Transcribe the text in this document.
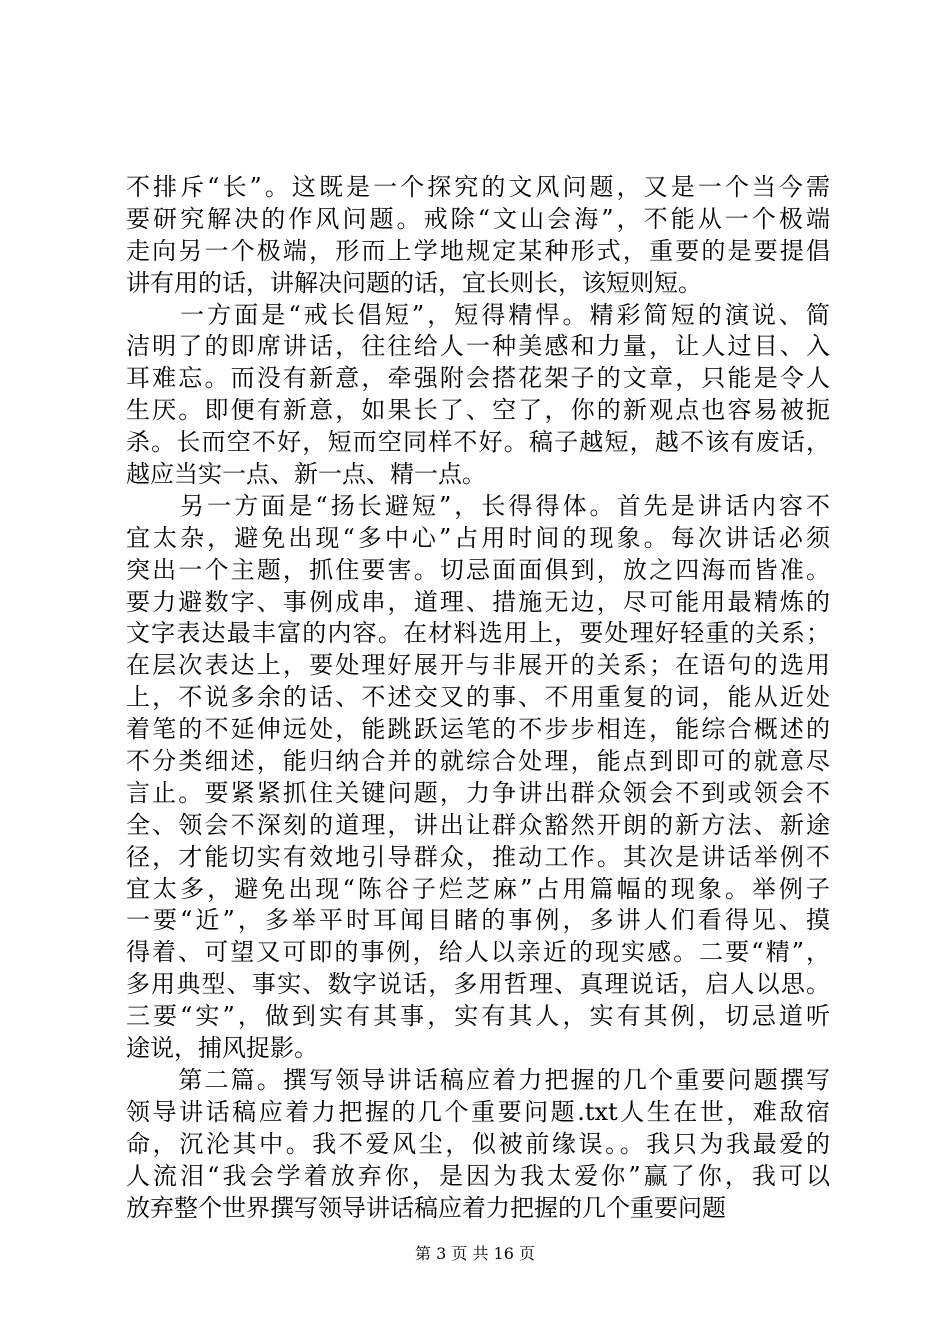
不排斥“长”。这既是一个探究的文风问题，又是一个当今需
要研究解决的作风问题。戒除“文山会海”，不能从一个极端
走向另一个极端，形而上学地规定某种形式，重要的是要提倡
讲有用的话，讲解决问题的话，宜长则长，该短则短。
　　一方面是“戒长倡短”，短得精悍。精彩简短的演说、简
洁明了的即席讲话，往往给人一种美感和力量，让人过目、入
耳难忘。而没有新意，牵强附会搭花架子的文章，只能是令人
生厌。即便有新意，如果长了、空了，你的新观点也容易被扼
杀。长而空不好，短而空同样不好。稿子越短，越不该有废话，
越应当实一点、新一点、精一点。
　　另一方面是“扬长避短”，长得得体。首先是讲话内容不
宜太杂，避免出现“多中心”占用时间的现象。每次讲话必须
突出一个主题，抓住要害。切忌面面俱到，放之四海而皆准。
要力避数字、事例成串，道理、措施无边，尽可能用最精炼的
文字表达最丰富的内容。在材料选用上，要处理好轻重的关系；
在层次表达上，要处理好展开与非展开的关系；在语句的选用
上，不说多余的话、不述交叉的事、不用重复的词，能从近处
着笔的不延伸远处，能跳跃运笔的不步步相连，能综合概述的
不分类细述，能归纳合并的就综合处理，能点到即可的就意尽
言止。要紧紧抓住关键问题，力争讲出群众领会不到或领会不
全、领会不深刻的道理，讲出让群众豁然开朗的新方法、新途
径，才能切实有效地引导群众，推动工作。其次是讲话举例不
宜太多，避免出现“陈谷子烂芝麻”占用篇幅的现象。举例子
一要“近”，多举平时耳闻目睹的事例，多讲人们看得见、摸
得着、可望又可即的事例，给人以亲近的现实感。二要“精”，
多用典型、事实、数字说话，多用哲理、真理说话，启人以思。
三要“实”，做到实有其事，实有其人，实有其例，切忌道听
途说，捕风捉影。
　　第二篇。撰写领导讲话稿应着力把握的几个重要问题撰写
领导讲话稿应着力把握的几个重要问题.txt人生在世，难敌宿
命，沉沦其中。我不爱风尘，似被前缘误。。我只为我最爱的
人流泪“我会学着放弃你，是因为我太爱你”赢了你，我可以
放弃整个世界撰写领导讲话稿应着力把握的几个重要问题
第 3 页 共 16 页
